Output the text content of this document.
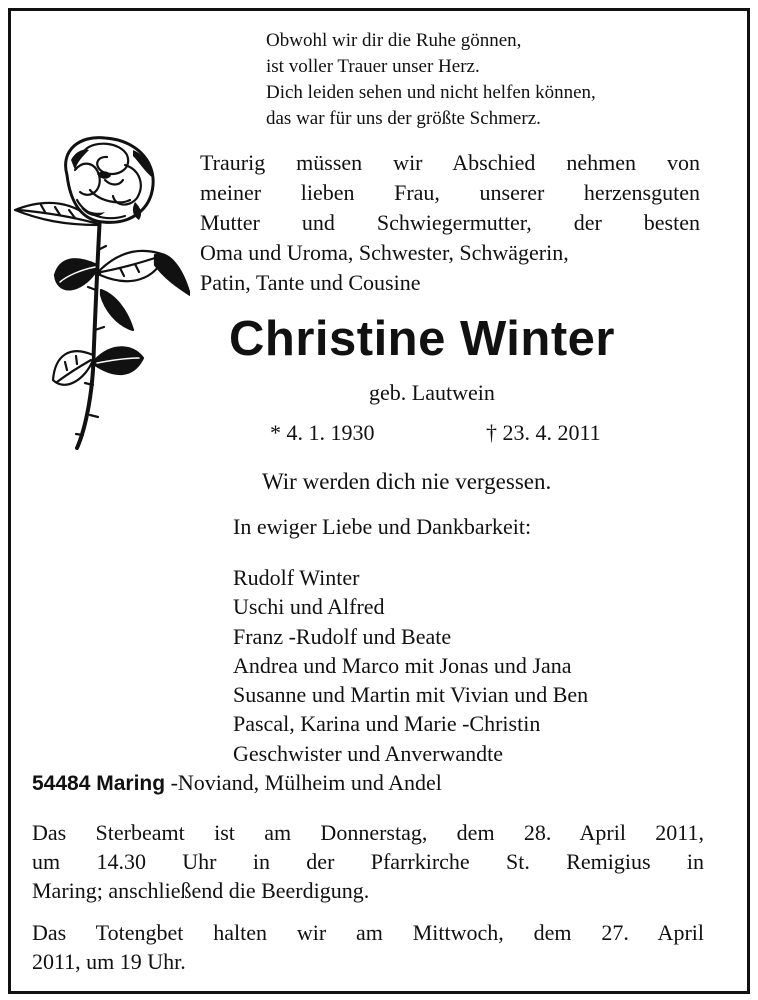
Obwohl wir dir die Ruhe gönnen,
ist voller Trauer unser Herz.
Dich leiden sehen und nicht helfen können,
das war für uns der größte Schmerz.
Traurig müssen wir Abschied nehmen von
meiner lieben Frau, unserer herzensguten
Mutter und Schwiegermutter, der besten
Oma und Uroma, Schwester, Schwägerin,
Patin, Tante und Cousine
Christine Winter
geb. Lautwein
* 4. 1. 1930	† 23. 4. 2011
Wir werden dich nie vergessen.
In ewiger Liebe und Dankbarkeit:
Rudolf Winter
Uschi und Alfred
Franz -Rudolf und Beate
Andrea und Marco mit Jonas und Jana
Susanne und Martin mit Vivian und Ben
Pascal, Karina und Marie -Christin
Geschwister und Anverwandte
54484 Maring -Noviand, Mülheim und Andel
Das Sterbeamt ist am Donnerstag, dem 28. April 2011,
um 14.30 Uhr in der Pfarrkirche St. Remigius in
Maring; anschließend die Beerdigung.
Das Totengbet halten wir am Mittwoch, dem 27. April
2011, um 19 Uhr.
